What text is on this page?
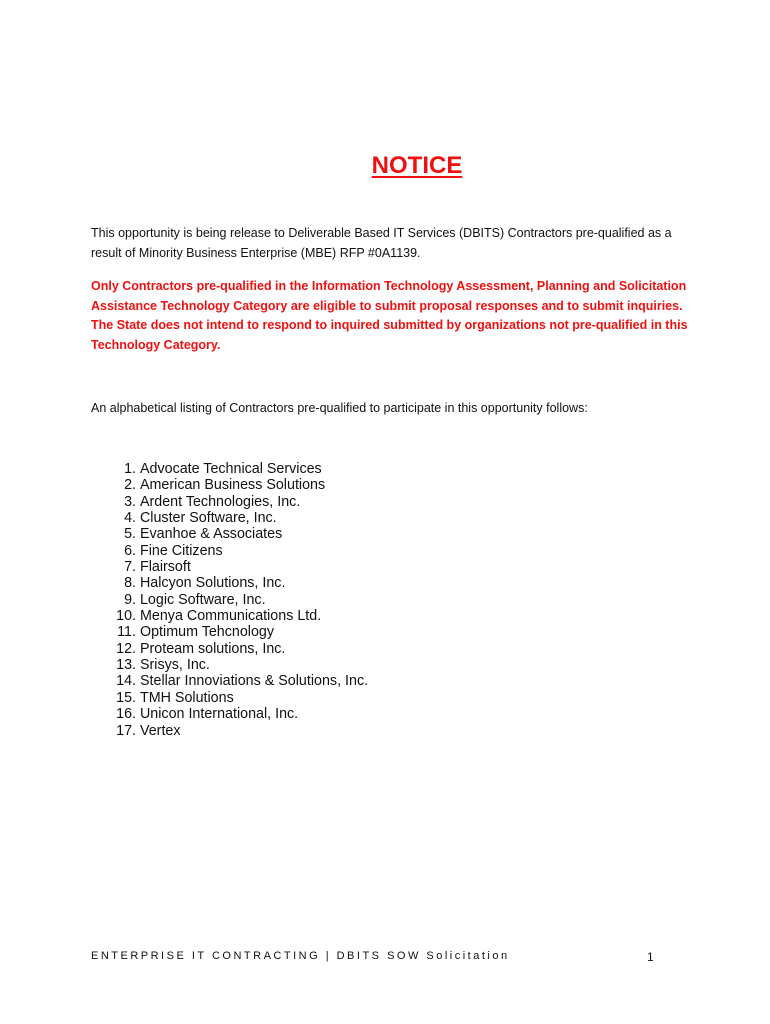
NOTICE

This opportunity is being release to Deliverable Based IT Services (DBITS) Contractors pre-qualified as a result of Minority Business Enterprise (MBE) RFP #0A1139.

Only Contractors pre-qualified in the Information Technology Assessment, Planning and Solicitation Assistance Technology Category are eligible to submit proposal responses and to submit inquiries. The State does not intend to respond to inquired submitted by organizations not pre-qualified in this Technology Category.

An alphabetical listing of Contractors pre-qualified to participate in this opportunity follows:

1.
Advocate Technical Services
2.
American Business Solutions
3.
Ardent Technologies, Inc.
4.
Cluster Software, Inc.
5.
Evanhoe & Associates
6.
Fine Citizens
7.
Flairsoft
8.
Halcyon Solutions, Inc.
9.
Logic Software, Inc.
10.
Menya Communications Ltd.
11.
Optimum Tehcnology
12.
Proteam solutions, Inc.
13.
Srisys, Inc.
14.
Stellar Innoviations & Solutions, Inc.
15.
TMH Solutions
16.
Unicon International, Inc.
17.
Vertex
ENTERPRISE IT CONTRACTING | DBITS SOW Solicitation	1
